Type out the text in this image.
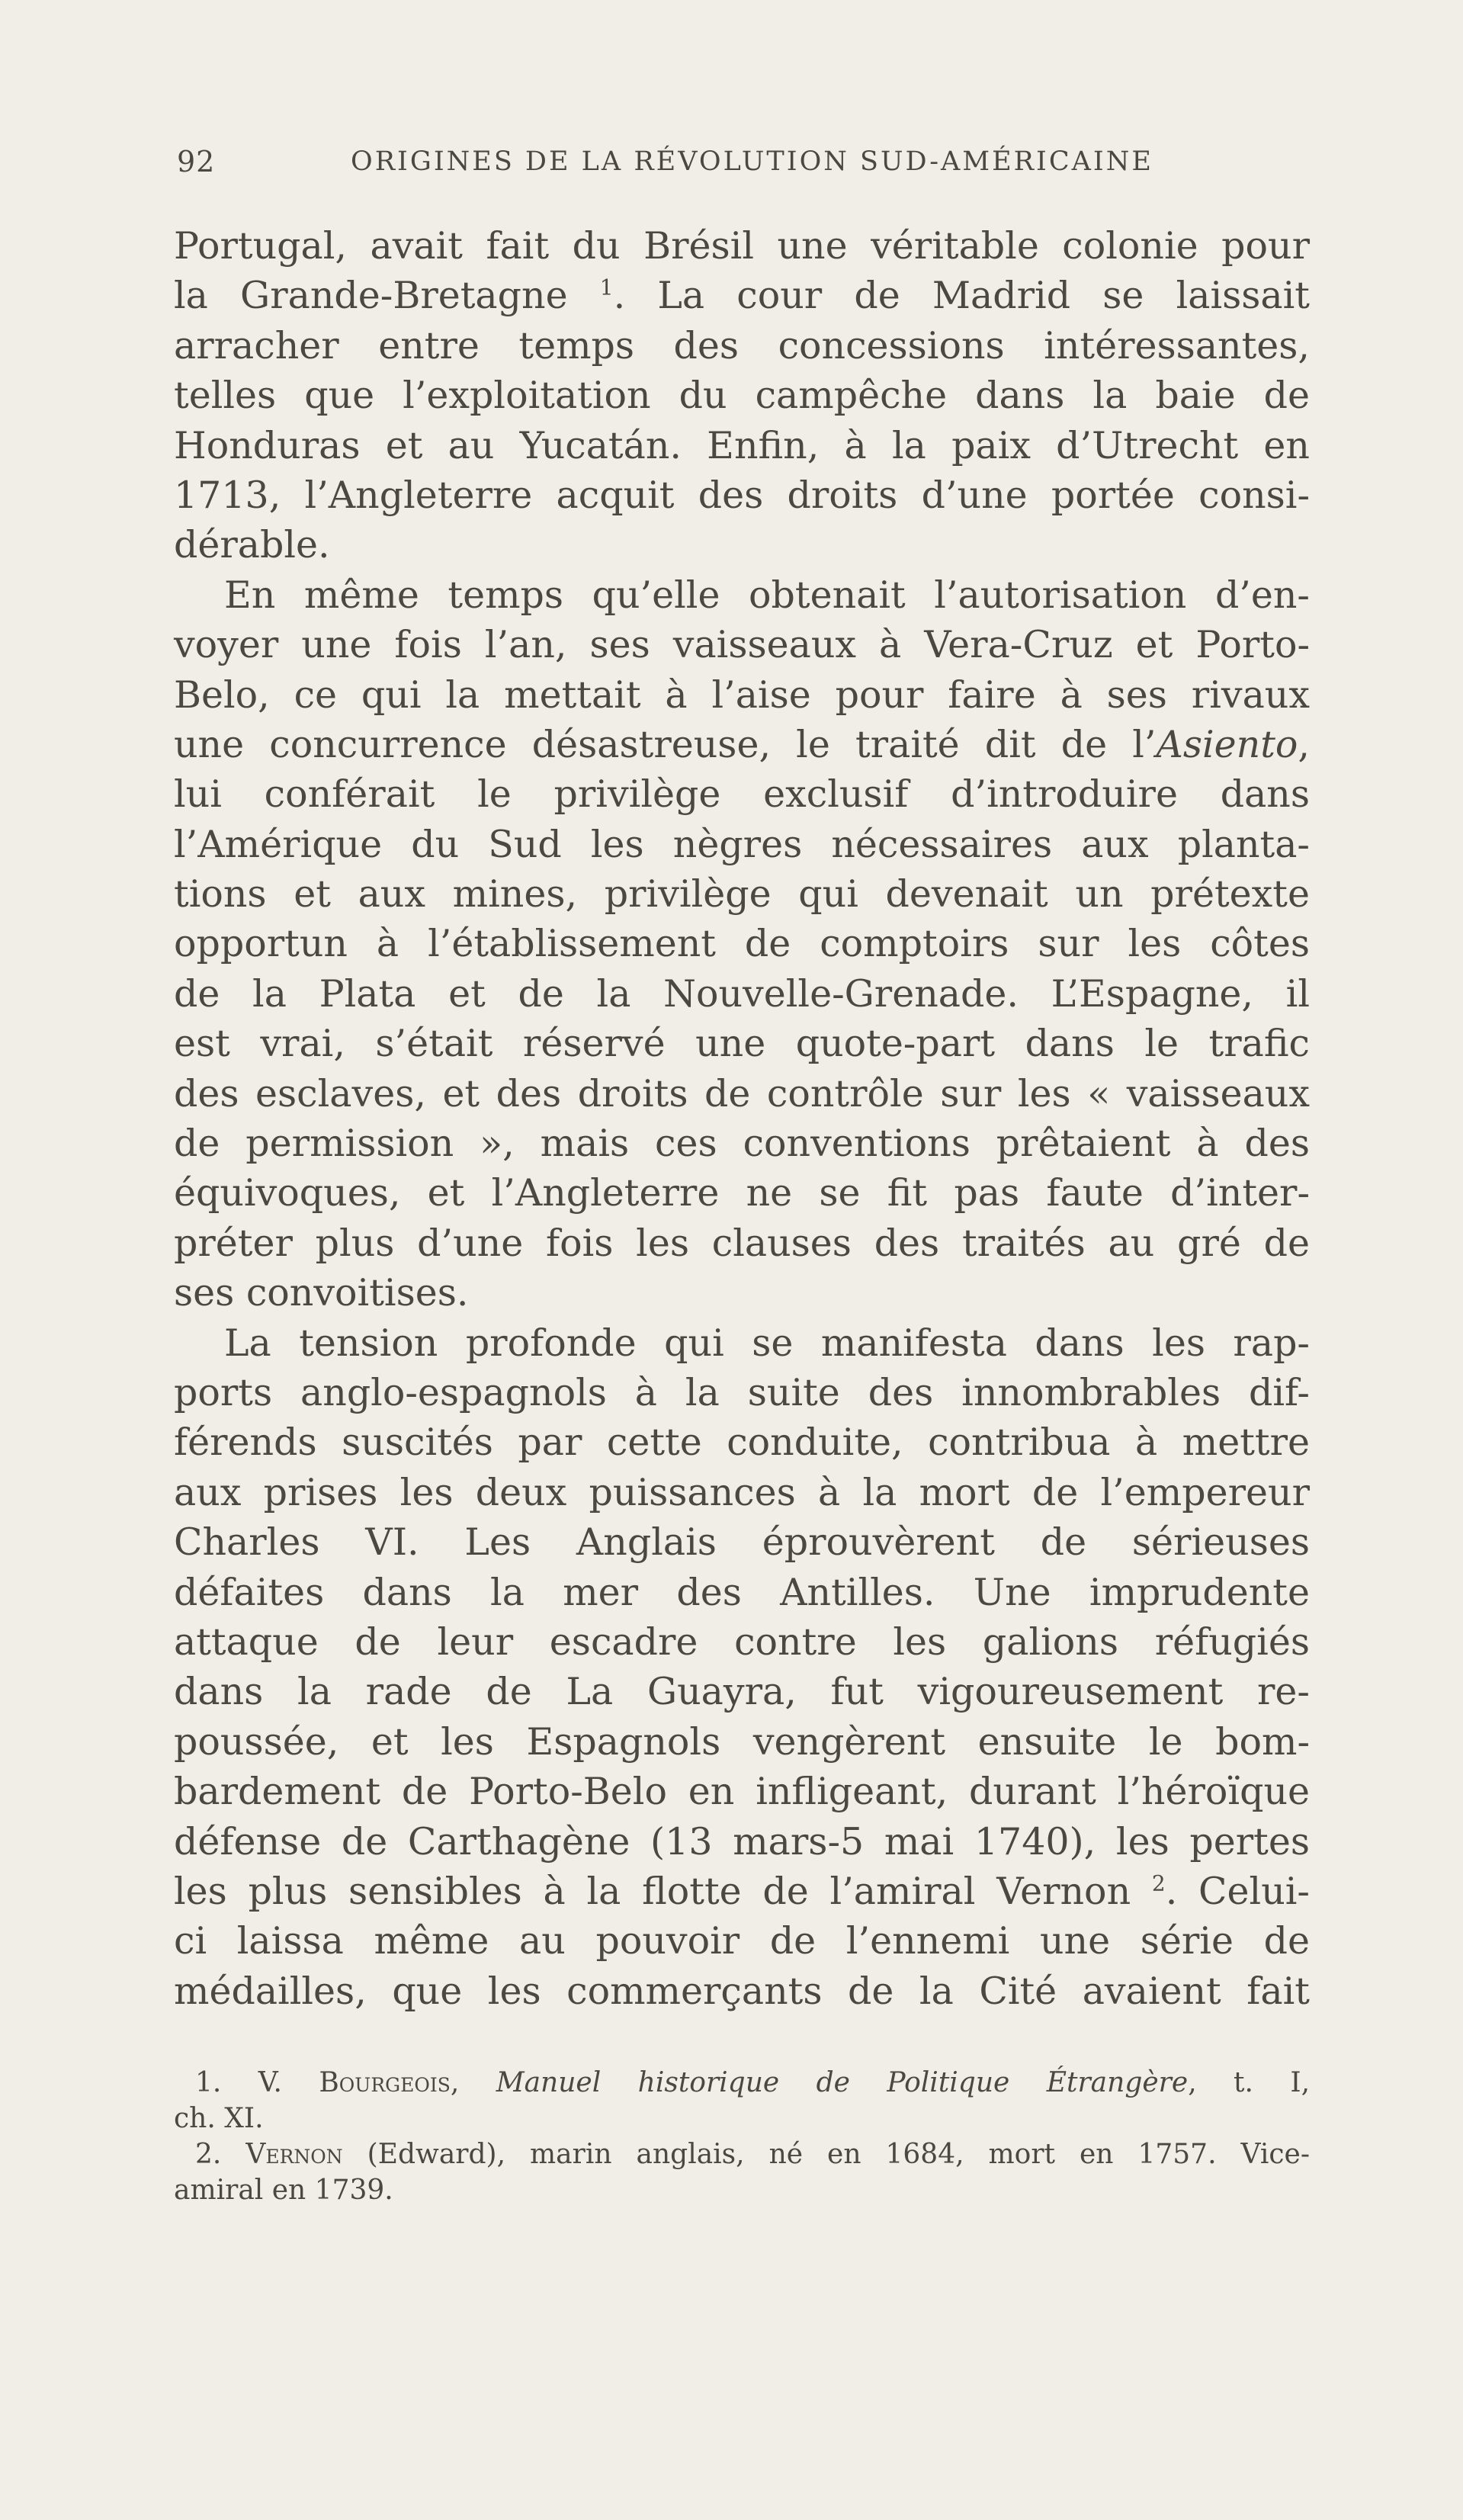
92	ORIGINES DE LA RÉVOLUTION SUD-AMÉRICAINE
Portugal, avait fait du Brésil une véritable colonie pour
la Grande-Bretagne $^1$. La cour de Madrid se laissait
arracher entre temps des concessions intéressantes,
telles que l’exploitation du campêche dans la baie de
Honduras et au Yucatán. Enfin, à la paix d’Utrecht en
1713, l’Angleterre acquit des droits d’une portée consi-
dérable.
En même temps qu’elle obtenait l’autorisation d’en-
voyer une fois l’an, ses vaisseaux à Vera-Cruz et Porto-
Belo, ce qui la mettait à l’aise pour faire à ses rivaux
une concurrence désastreuse, le traité dit de l’Asiento,
lui conférait le privilège exclusif d’introduire dans
l’Amérique du Sud les nègres nécessaires aux planta-
tions et aux mines, privilège qui devenait un prétexte
opportun à l’établissement de comptoirs sur les côtes
de la Plata et de la Nouvelle-Grenade. L’Espagne, il
est vrai, s’était réservé une quote-part dans le trafic
des esclaves, et des droits de contrôle sur les « vaisseaux
de permission », mais ces conventions prêtaient à des
équivoques, et l’Angleterre ne se fit pas faute d’inter-
préter plus d’une fois les clauses des traités au gré de
ses convoitises.
La tension profonde qui se manifesta dans les rap-
ports anglo-espagnols à la suite des innombrables dif-
férends suscités par cette conduite, contribua à mettre
aux prises les deux puissances à la mort de l’empereur
Charles VI. Les Anglais éprouvèrent de sérieuses
défaites dans la mer des Antilles. Une imprudente
attaque de leur escadre contre les galions réfugiés
dans la rade de La Guayra, fut vigoureusement re-
poussée, et les Espagnols vengèrent ensuite le bom-
bardement de Porto-Belo en infligeant, durant l’héroïque
défense de Carthagène (13 mars-5 mai 1740), les pertes
les plus sensibles à la flotte de l’amiral Vernon $^2$. Celui-
ci laissa même au pouvoir de l’ennemi une série de
médailles, que les commerçants de la Cité avaient fait
1. V. Bourgeois, Manuel historique de Politique Étrangère, t. I,
ch. XI.
2. Vernon (Edward), marin anglais, né en 1684, mort en 1757. Vice-
amiral en 1739.
